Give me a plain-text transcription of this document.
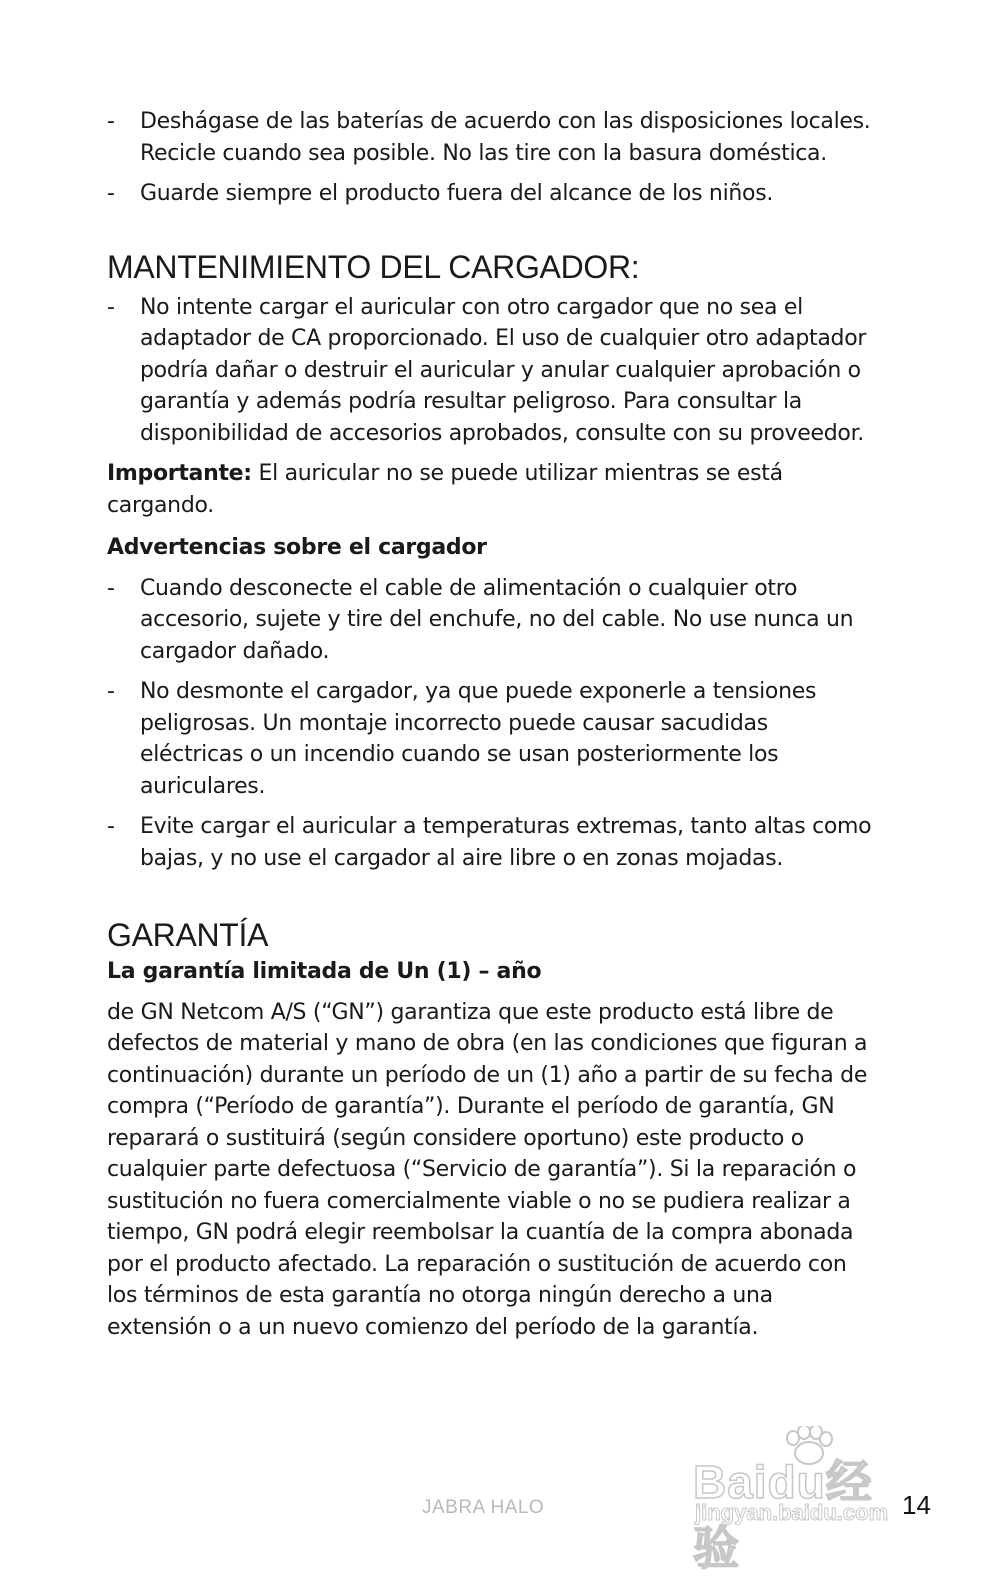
- Deshágase de las baterías de acuerdo con las disposiciones locales. Recicle cuando sea posible. No las tire con la basura doméstica.
- Guarde siempre el producto fuera del alcance de los niños.
MANTENIMIENTO DEL CARGADOR:
- No intente cargar el auricular con otro cargador que no sea el adaptador de CA proporcionado. El uso de cualquier otro adaptador podría dañar o destruir el auricular y anular cualquier aprobación o garantía y además podría resultar peligroso. Para consultar la disponibilidad de accesorios aprobados, consulte con su proveedor.

Importante: El auricular no se puede utilizar mientras se está cargando.

Advertencias sobre el cargador

- Cuando desconecte el cable de alimentación o cualquier otro accesorio, sujete y tire del enchufe, no del cable. No use nunca un cargador dañado.
- No desmonte el cargador, ya que puede exponerle a tensiones peligrosas. Un montaje incorrecto puede causar sacudidas eléctricas o un incendio cuando se usan posteriormente los auriculares.
- Evite cargar el auricular a temperaturas extremas, tanto altas como bajas, y no use el cargador al aire libre o en zonas mojadas.
GARANTÍA

La garantía limitada de Un (1) – año

de GN Netcom A/S (“GN”) garantiza que este producto está libre de defectos de material y mano de obra (en las condiciones que figuran a continuación) durante un período de un (1) año a partir de su fecha de compra (“Período de garantía”). Durante el período de garantía, GN reparará o sustituirá (según considere oportuno) este producto o cualquier parte defectuosa (“Servicio de garantía”). Si la reparación o sustitución no fuera comercialmente viable o no se pudiera realizar a tiempo, GN podrá elegir reembolsar la cuantía de la compra abonada por el producto afectado. La reparación o sustitución de acuerdo con los términos de esta garantía no otorga ningún derecho a una extensión o a un nuevo comienzo del período de la garantía.

Baidu经验
jingyan.baidu.com
JABRA HALO	14
